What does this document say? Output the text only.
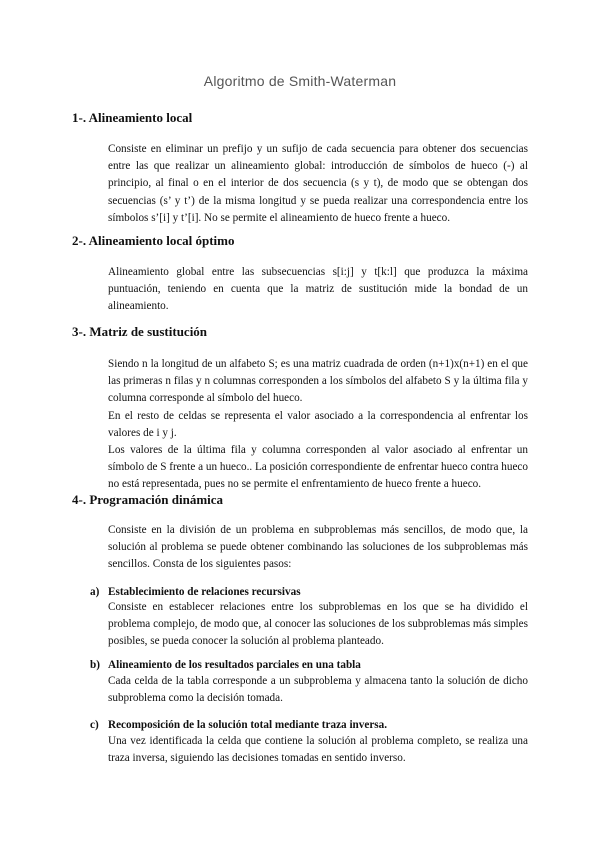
Algoritmo de Smith-Waterman
1-. Alineamiento local

Consiste en eliminar un prefijo y un sufijo de cada secuencia para obtener dos secuencias entre las que realizar un alineamiento global: introducción de símbolos de hueco (-) al principio, al final o en el interior de dos secuencia (s y t), de modo que se obtengan dos secuencias (s’ y t’) de la misma longitud y se pueda realizar una correspondencia entre los símbolos s’[i] y t’[i]. No se permite el alineamiento de hueco frente a hueco.

2-. Alineamiento local óptimo

Alineamiento global entre las subsecuencias s[i:j] y t[k:l] que produzca la máxima puntuación, teniendo en cuenta que la matriz de sustitución mide la bondad de un alineamiento.

3-. Matriz de sustitución

Siendo n la longitud de un alfabeto S; es una matriz cuadrada de orden (n+1)x(n+1) en el que las primeras n filas y n columnas corresponden a los símbolos del alfabeto S y la última fila y columna corresponde al símbolo del hueco.

En el resto de celdas se representa el valor asociado a la correspondencia al enfrentar los valores de i y j.

Los valores de la última fila y columna corresponden al valor asociado al enfrentar un símbolo de S frente a un hueco.. La posición correspondiente de enfrentar hueco contra hueco no está representada, pues no se permite el enfrentamiento de hueco frente a hueco.

4-. Programación dinámica

Consiste en la división de un problema en subproblemas más sencillos, de modo que, la solución al problema se puede obtener combinando las soluciones de los subproblemas más sencillos. Consta de los siguientes pasos:

a) Establecimiento de relaciones recursivas

Consiste en establecer relaciones entre los subproblemas en los que se ha dividido el problema complejo, de modo que, al conocer las soluciones de los subproblemas más simples posibles, se pueda conocer la solución al problema planteado.

b) Alineamiento de los resultados parciales en una tabla

Cada celda de la tabla corresponde a un subproblema y almacena tanto la solución de dicho subproblema como la decisión tomada.

c) Recomposición de la solución total mediante traza inversa.

Una vez identificada la celda que contiene la solución al problema completo, se realiza una traza inversa, siguiendo las decisiones tomadas en sentido inverso.
